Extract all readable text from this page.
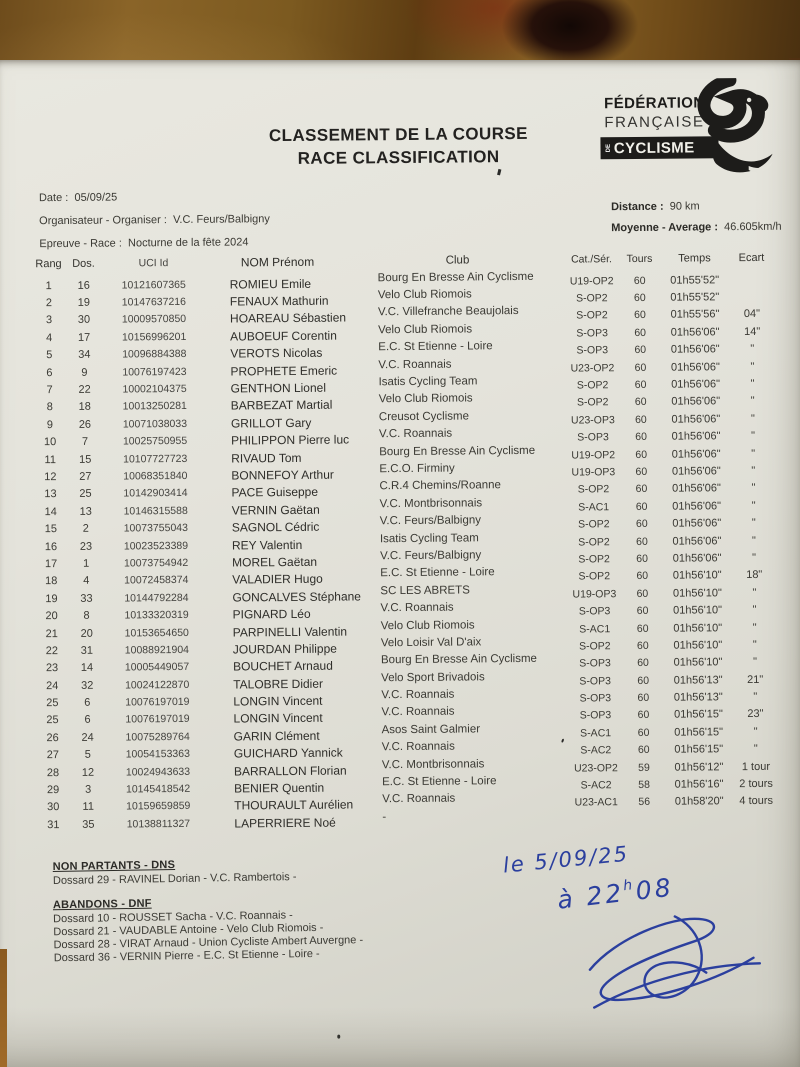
CLASSEMENT DE LA COURSE
RACE CLASSIFICATION
FÉDÉRATION
FRANÇAISE
DE CYCLISME
Date : 05/09/25
Organisateur - Organiser : V.C. Feurs/Balbigny
Epreuve - Race : Nocturne de la fête 2024
Distance : 90 km
Moyenne - Average : 46.605km/h
Rang	Dos.	UCI Id	NOM Prénom	Club	Cat./Sér.	Tours	Temps	Ecart
1	16	10121607365	ROMIEU Emile	Bourg En Bresse Ain Cyclisme	U19-OP2	60	01h55'52"	
2	19	10147637216	FENAUX Mathurin	Velo Club Riomois	S-OP2	60	01h55'52"	
3	30	10009570850	HOAREAU Sébastien	V.C. Villefranche Beaujolais	S-OP2	60	01h55'56"	04"
4	17	10156996201	AUBOEUF Corentin	Velo Club Riomois	S-OP3	60	01h56'06"	14"
5	34	10096884388	VEROTS Nicolas	E.C. St Etienne - Loire	S-OP3	60	01h56'06"	"
6	9	10076197423	PROPHETE Emeric	V.C. Roannais	U23-OP2	60	01h56'06"	"
7	22	10002104375	GENTHON Lionel	Isatis Cycling Team	S-OP2	60	01h56'06"	"
8	18	10013250281	BARBEZAT Martial	Velo Club Riomois	S-OP2	60	01h56'06"	"
9	26	10071038033	GRILLOT Gary	Creusot Cyclisme	U23-OP3	60	01h56'06"	"
10	7	10025750955	PHILIPPON Pierre luc	V.C. Roannais	S-OP3	60	01h56'06"	"
11	15	10107727723	RIVAUD Tom	Bourg En Bresse Ain Cyclisme	U19-OP2	60	01h56'06"	"
12	27	10068351840	BONNEFOY Arthur	E.C.O. Firminy	U19-OP3	60	01h56'06"	"
13	25	10142903414	PACE Guiseppe	C.R.4 Chemins/Roanne	S-OP2	60	01h56'06"	"
14	13	10146315588	VERNIN Gaëtan	V.C. Montbrisonnais	S-AC1	60	01h56'06"	"
15	2	10073755043	SAGNOL Cédric	V.C. Feurs/Balbigny	S-OP2	60	01h56'06"	"
16	23	10023523389	REY Valentin	Isatis Cycling Team	S-OP2	60	01h56'06"	"
17	1	10073754942	MOREL Gaëtan	V.C. Feurs/Balbigny	S-OP2	60	01h56'06"	"
18	4	10072458374	VALADIER Hugo	E.C. St Etienne - Loire	S-OP2	60	01h56'10"	18"
19	33	10144792284	GONCALVES Stéphane	SC LES ABRETS	U19-OP3	60	01h56'10"	"
20	8	10133320319	PIGNARD Léo	V.C. Roannais	S-OP3	60	01h56'10"	"
21	20	10153654650	PARPINELLI Valentin	Velo Club Riomois	S-AC1	60	01h56'10"	"
22	31	10088921904	JOURDAN Philippe	Velo Loisir Val D'aix	S-OP2	60	01h56'10"	"
23	14	10005449057	BOUCHET Arnaud	Bourg En Bresse Ain Cyclisme	S-OP3	60	01h56'10"	"
24	32	10024122870	TALOBRE Didier	Velo Sport Brivadois	S-OP3	60	01h56'13"	21"
25	6	10076197019	LONGIN Vincent	V.C. Roannais	S-OP3	60	01h56'13"	"
25	6	10076197019	LONGIN Vincent	V.C. Roannais	S-OP3	60	01h56'15"	23"
26	24	10075289764	GARIN Clément	Asos Saint Galmier	S-AC1	60	01h56'15"	"
27	5	10054153363	GUICHARD Yannick	V.C. Roannais	S-AC2	60	01h56'15"	"
28	12	10024943633	BARRALLON Florian	V.C. Montbrisonnais	U23-OP2	59	01h56'12"	1 tour
29	3	10145418542	BENIER Quentin	E.C. St Etienne - Loire	S-AC2	58	01h56'16"	2 tours
30	11	10159659859	THOURAULT Aurélien	V.C. Roannais	U23-AC1	56	01h58'20"	4 tours
31	35	10138811327	LAPERRIERE Noé	-				
NON PARTANTS - DNS
Dossard 29 - RAVINEL Dorian - V.C. Rambertois -
ABANDONS - DNF
Dossard 10 - ROUSSET Sacha - V.C. Roannais -
Dossard 21 - VAUDABLE Antoine - Velo Club Riomois -
Dossard 28 - VIRAT Arnaud - Union Cycliste Ambert Auvergne -
Dossard 36 - VERNIN Pierre - E.C. St Etienne - Loire -
le 5/09/25
à 22$^h$08
